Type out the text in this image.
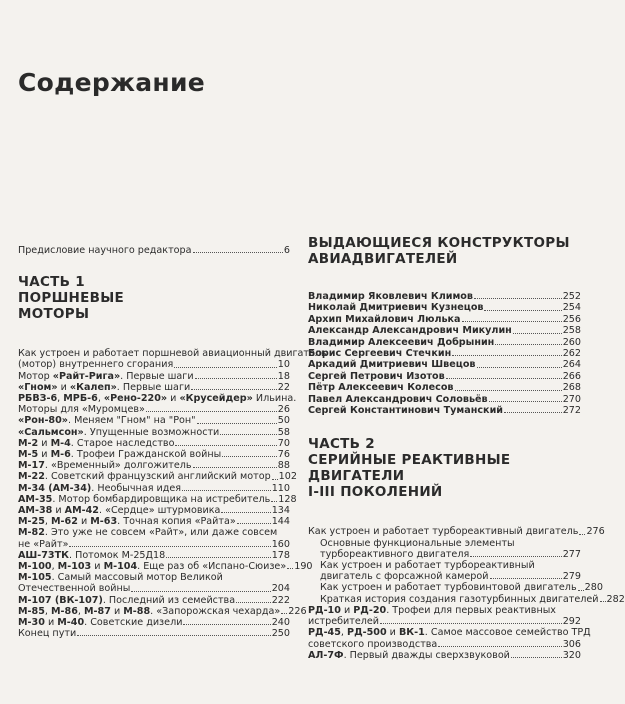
Содержание
Предисловие научного редактора	6
ЧАСТЬ 1
ПОРШНЕВЫЕ
МОТОРЫ
Как устроен и работает поршневой авиационный двигатель
(мотор) внутреннего сгорания	10
Мотор «Райт-Рига». Первые шаги	18
«Гном» и «Калеп». Первые шаги	22
РБВЗ-6, МРБ-6, «Рено-220» и «Крусейдер» Ильина.
Моторы для «Муромцев»	26
«Рон-80». Меняем "Гном" на "Рон"	50
«Сальмсон». Упущенные возможности	58
М-2 и М-4. Старое наследство	70
М-5 и М-6. Трофеи Гражданской войны	76
М-17. «Временный» долгожитель	88
М-22. Советский французский английский мотор 102
М-34 (АМ-34). Необычная идея	110
АМ-35. Мотор бомбардировщика на истребитель 128
АМ-38 и АМ-42. «Сердце» штурмовика	134
М-25, М-62 и М-63. Точная копия «Райта»	144
М-82. Это уже не совсем «Райт», или даже совсем
не «Райт»	160
АШ-73ТК. Потомок М-25Д18	178
М-100, М-103 и М-104. Еще раз об «Испано-Сюизе» 190
М-105. Самый массовый мотор Великой
Отечественной войны	204
М-107 (ВК-107). Последний из семейства	222
М-85, М-86, М-87 и М-88. «Запорожская чехарда» 226
М-30 и М-40. Советские дизели	240
Конец пути	250
ВЫДАЮЩИЕСЯ КОНСТРУКТОРЫ
АВИАДВИГАТЕЛЕЙ
Владимир Яковлевич Климов	252
Николай Дмитриевич Кузнецов	254
Архип Михайлович Люлька	256
Александр Александрович Микулин	258
Владимир Алексеевич Добрынин	260
Борис Сергеевич Стечкин	262
Аркадий Дмитриевич Швецов	264
Сергей Петрович Изотов	266
Пётр Алексеевич Колесов	268
Павел Александрович Соловьёв	270
Сергей Константинович Туманский	272
ЧАСТЬ 2
СЕРИЙНЫЕ РЕАКТИВНЫЕ ДВИГАТЕЛИ
I-III ПОКОЛЕНИЙ
Как устроен и работает турбореактивный двигатель 276
Основные функциональные элементы
турбореактивного двигателя	277
Как устроен и работает турбореактивный
двигатель с форсажной камерой	279
Как устроен и работает турбовинтовой двигатель 280
Краткая история создания газотурбинных двигателей 282
РД-10 и РД-20. Трофеи для первых реактивных
истребителей	292
РД-45, РД-500 и ВК-1. Самое массовое семейство ТРД
советского производства	306
АЛ-7Ф. Первый дважды сверхзвуковой	320
